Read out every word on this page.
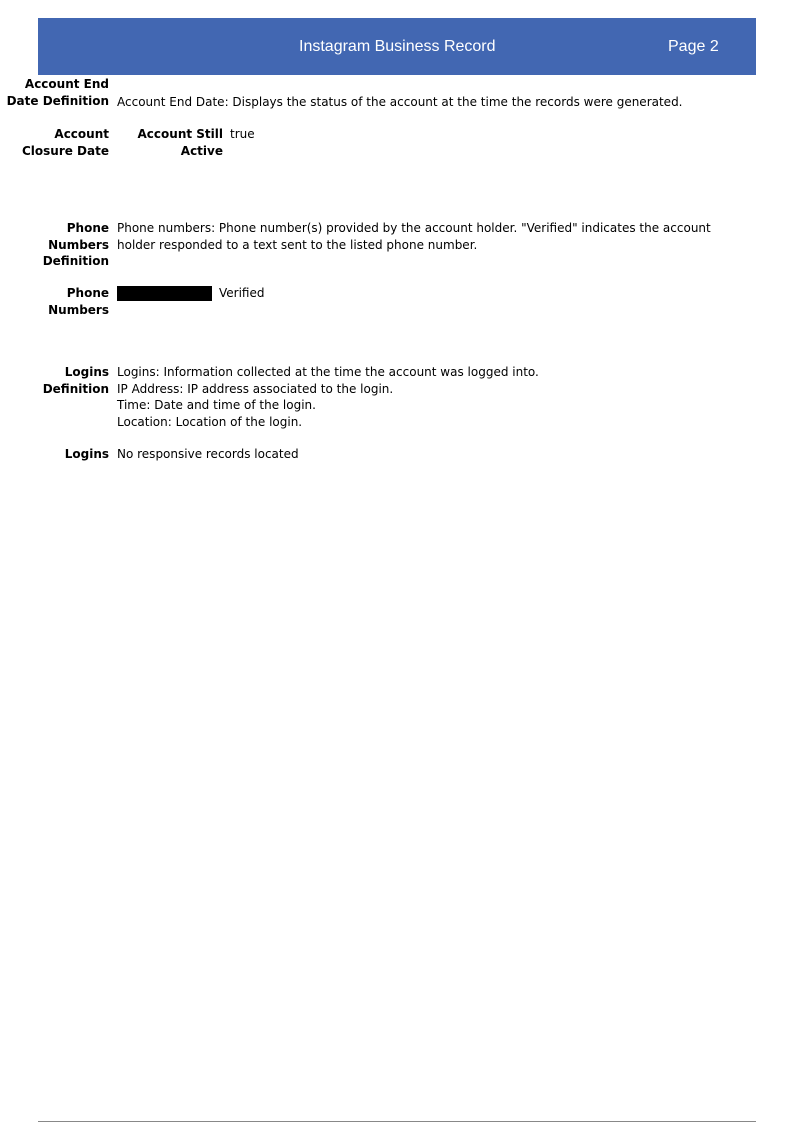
Instagram Business Record	Page 2
Account End
Date Definition Account End Date: Displays the status of the account at the time the records were generated.
Account
Closure Date
Account Still
Active
true
Phone
Numbers
Definition
Phone numbers: Phone number(s) provided by the account holder. "Verified" indicates the account
holder responded to a text sent to the listed phone number.
Phone
Numbers
Verified
Logins
Definition
Logins: Information collected at the time the account was logged into.
IP Address: IP address associated to the login.
Time: Date and time of the login.
Location: Location of the login.
Logins No responsive records located
